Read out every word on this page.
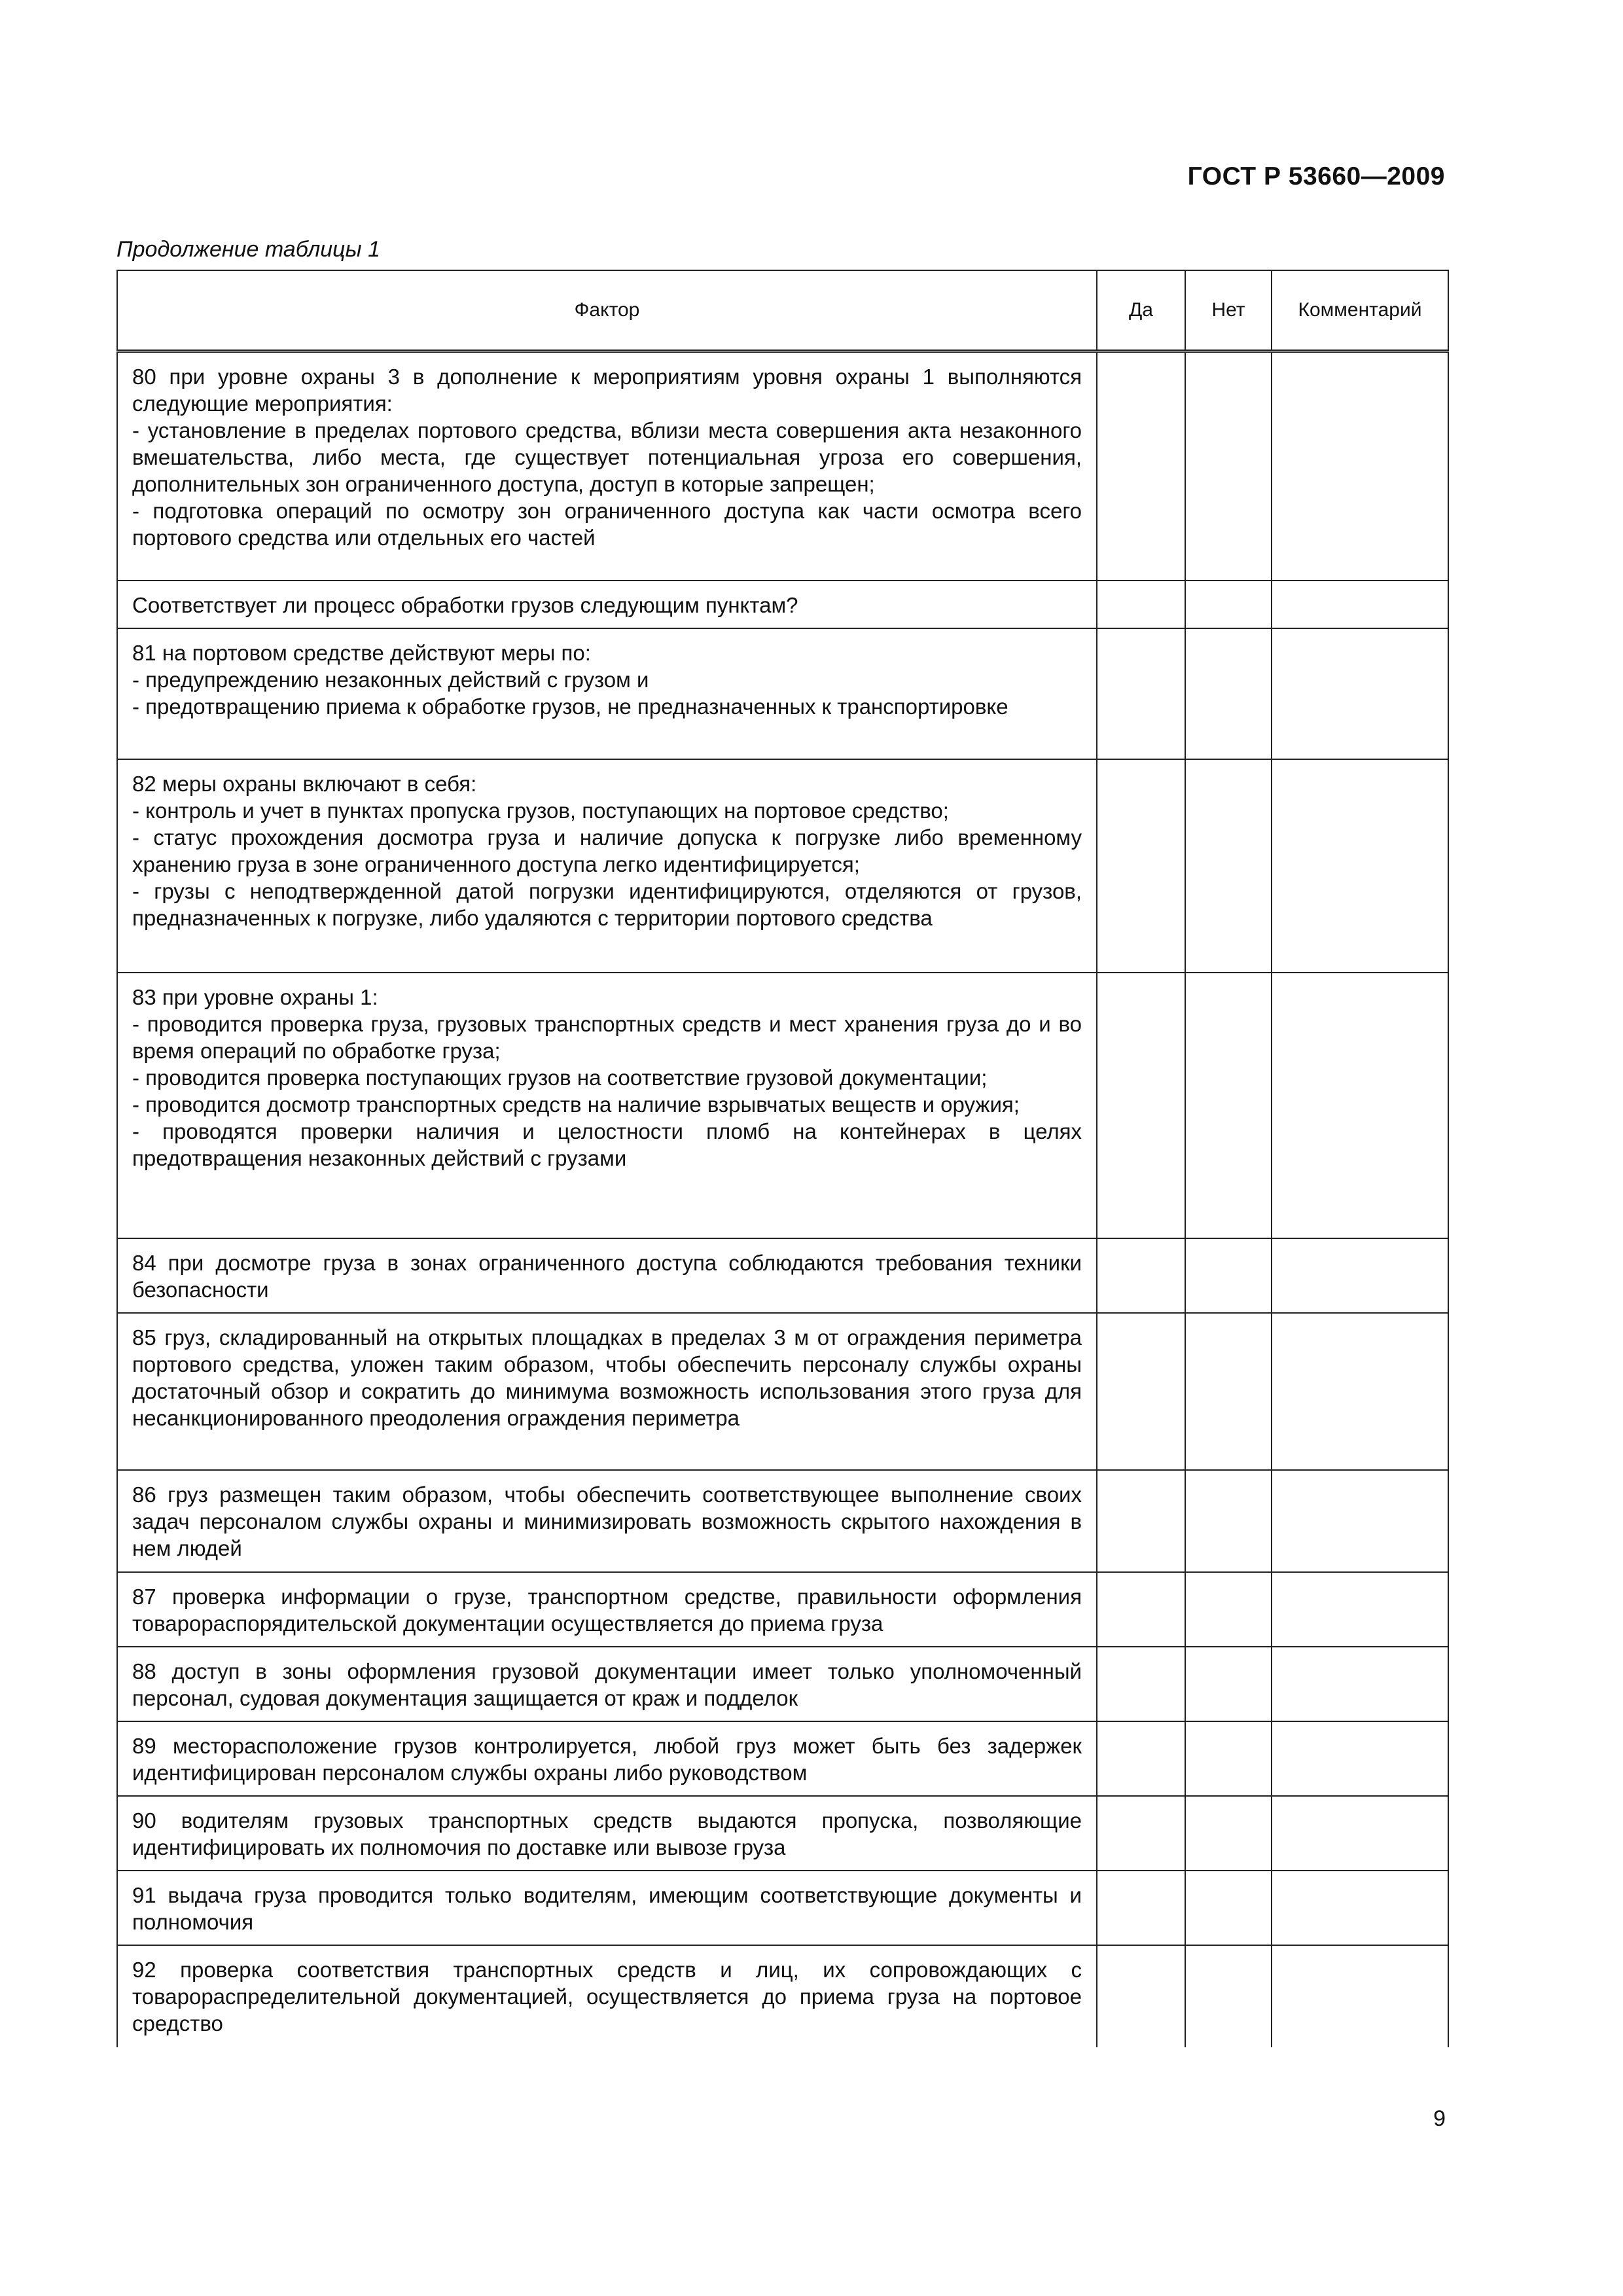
ГОСТ Р 53660—2009
Продолжение таблицы 1
Фактор	Да	Нет	Комментарий

80 при уровне охраны 3 в дополнение к мероприятиям уровня охраны 1 выполняются следующие мероприятия:
- установление в пределах портового средства, вблизи места совершения акта незаконного вмешательства, либо места, где существует потенциальная угроза его совершения, дополнительных зон ограниченного доступа, доступ в которые запрещен;
- подготовка операций по осмотру зон ограниченного доступа как части осмотра всего портового средства или отдельных его частей			

Соответствует ли процесс обработки грузов следующим пунктам?			

81 на портовом средстве действуют меры по:
- предупреждению незаконных действий с грузом и
- предотвращению приема к обработке грузов, не предназначенных к транспортировке			

82 меры охраны включают в себя:
- контроль и учет в пунктах пропуска грузов, поступающих на портовое средство;
- статус прохождения досмотра груза и наличие допуска к погрузке либо временному хранению груза в зоне ограниченного доступа легко идентифицируется;
- грузы с неподтвержденной датой погрузки идентифицируются, отделяются от грузов, предназначенных к погрузке, либо удаляются с территории портового средства			

83 при уровне охраны 1:
- проводится проверка груза, грузовых транспортных средств и мест хранения груза до и во время операций по обработке груза;
- проводится проверка поступающих грузов на соответствие грузовой документации;
- проводится досмотр транспортных средств на наличие взрывчатых веществ и оружия;
- проводятся проверки наличия и целостности пломб на контейнерах в целях предотвращения незаконных действий с грузами			

84 при досмотре груза в зонах ограниченного доступа соблюдаются требования техники безопасности			

85 груз, складированный на открытых площадках в пределах 3 м от ограждения периметра портового средства, уложен таким образом, чтобы обеспечить персоналу службы охраны достаточный обзор и сократить до минимума возможность использования этого груза для несанкционированного преодоления ограждения периметра			

86 груз размещен таким образом, чтобы обеспечить соответствующее выполнение своих задач персоналом службы охраны и минимизировать возможность скрытого нахождения в нем людей			

87 проверка информации о грузе, транспортном средстве, правильности оформления товарораспорядительской документации осуществляется до приема груза			

88 доступ в зоны оформления грузовой документации имеет только уполномоченный персонал, судовая документация защищается от краж и подделок			

89 месторасположение грузов контролируется, любой груз может быть без задержек идентифицирован персоналом службы охраны либо руководством			

90 водителям грузовых транспортных средств выдаются пропуска, позволяющие идентифицировать их полномочия по доставке или вывозе груза			

91 выдача груза проводится только водителям, имеющим соответствующие документы и полномочия			

92 проверка соответствия транспортных средств и лиц, их сопровождающих с товарораспределительной документацией, осуществляется до приема груза на портовое средство			

9
